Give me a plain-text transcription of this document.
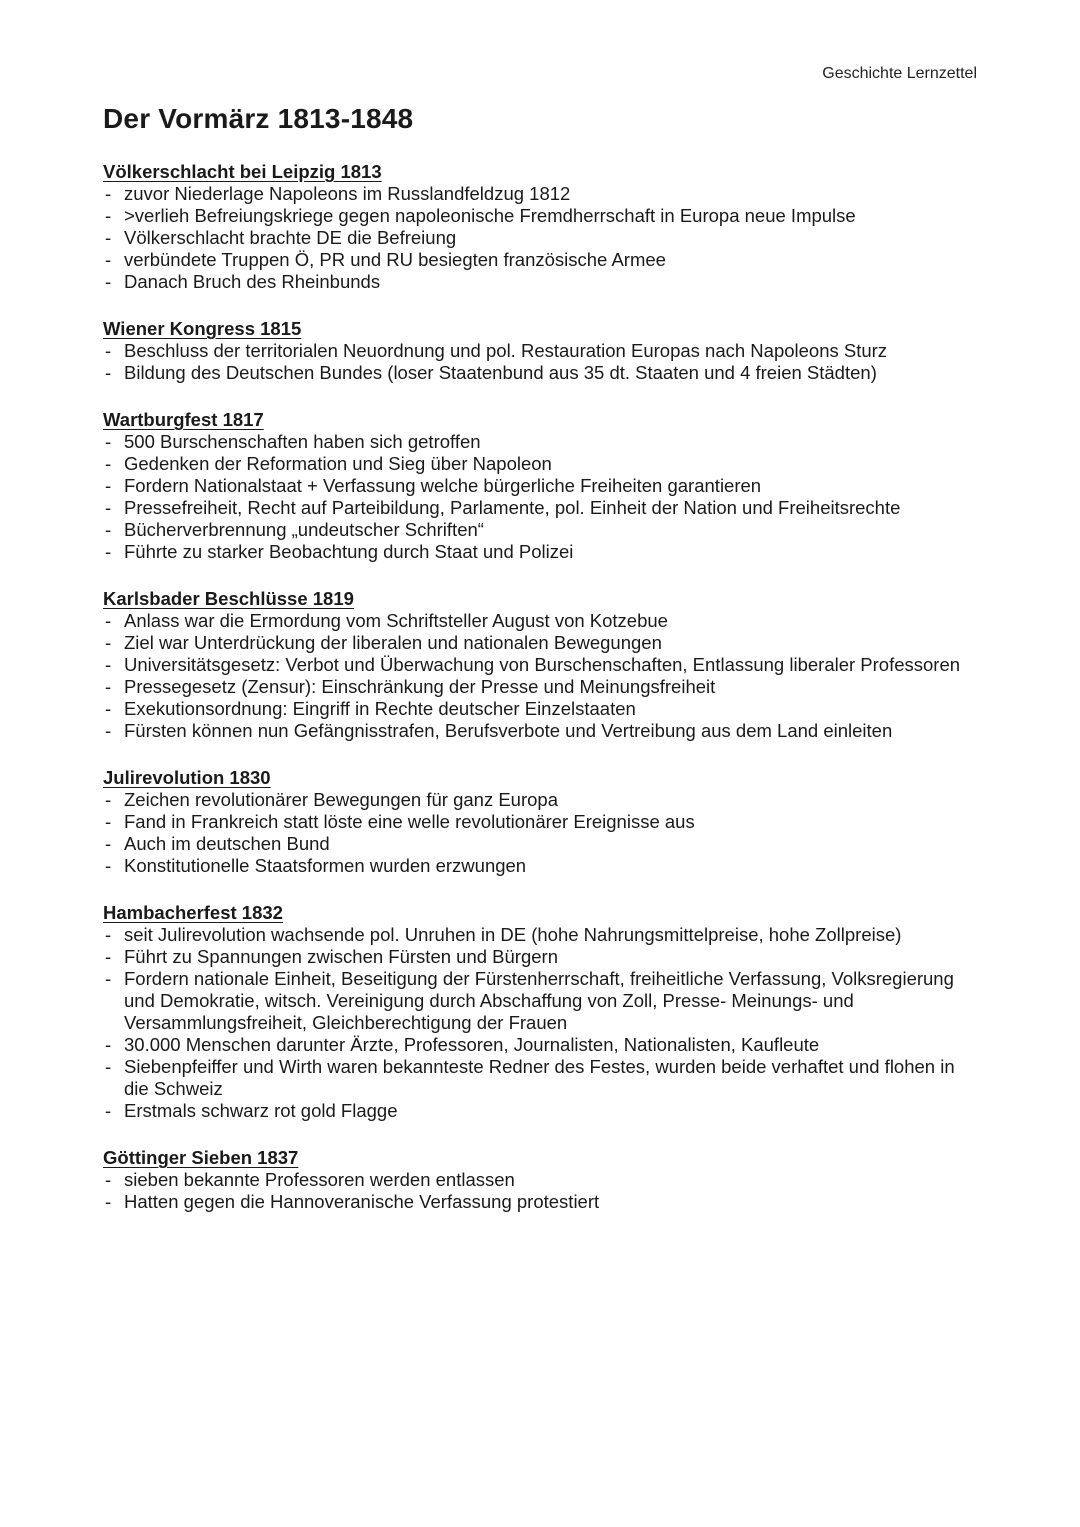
Geschichte Lernzettel
Der Vormärz 1813-1848
Völkerschlacht bei Leipzig 1813
- zuvor Niederlage Napoleons im Russlandfeldzug 1812
- >verlieh Befreiungskriege gegen napoleonische Fremdherrschaft in Europa neue Impulse
- Völkerschlacht brachte DE die Befreiung
- verbündete Truppen Ö, PR und RU besiegten französische Armee
- Danach Bruch des Rheinbunds
Wiener Kongress 1815
- Beschluss der territorialen Neuordnung und pol. Restauration Europas nach Napoleons Sturz
- Bildung des Deutschen Bundes (loser Staatenbund aus 35 dt. Staaten und 4 freien Städten)
Wartburgfest 1817
- 500 Burschenschaften haben sich getroffen
- Gedenken der Reformation und Sieg über Napoleon
- Fordern Nationalstaat + Verfassung welche bürgerliche Freiheiten garantieren
- Pressefreiheit, Recht auf Parteibildung, Parlamente, pol. Einheit der Nation und Freiheitsrechte
- Bücherverbrennung „undeutscher Schriften“
- Führte zu starker Beobachtung durch Staat und Polizei
Karlsbader Beschlüsse 1819
- Anlass war die Ermordung vom Schriftsteller August von Kotzebue
- Ziel war Unterdrückung der liberalen und nationalen Bewegungen
- Universitätsgesetz: Verbot und Überwachung von Burschenschaften, Entlassung liberaler Professoren
- Pressegesetz (Zensur): Einschränkung der Presse und Meinungsfreiheit
- Exekutionsordnung: Eingriff in Rechte deutscher Einzelstaaten
- Fürsten können nun Gefängnisstrafen, Berufsverbote und Vertreibung aus dem Land einleiten
Julirevolution 1830
- Zeichen revolutionärer Bewegungen für ganz Europa
- Fand in Frankreich statt löste eine welle revolutionärer Ereignisse aus
- Auch im deutschen Bund
- Konstitutionelle Staatsformen wurden erzwungen
Hambacherfest 1832
- seit Julirevolution wachsende pol. Unruhen in DE (hohe Nahrungsmittelpreise, hohe Zollpreise)
- Führt zu Spannungen zwischen Fürsten und Bürgern
- Fordern nationale Einheit, Beseitigung der Fürstenherrschaft, freiheitliche Verfassung, Volksregierung und Demokratie, witsch. Vereinigung durch Abschaffung von Zoll, Presse- Meinungs- und Versammlungsfreiheit, Gleichberechtigung der Frauen
- 30.000 Menschen darunter Ärzte, Professoren, Journalisten, Nationalisten, Kaufleute
- Siebenpfeiffer und Wirth waren bekannteste Redner des Festes, wurden beide verhaftet und flohen in die Schweiz
- Erstmals schwarz rot gold Flagge
Göttinger Sieben 1837
- sieben bekannte Professoren werden entlassen
- Hatten gegen die Hannoveranische Verfassung protestiert
